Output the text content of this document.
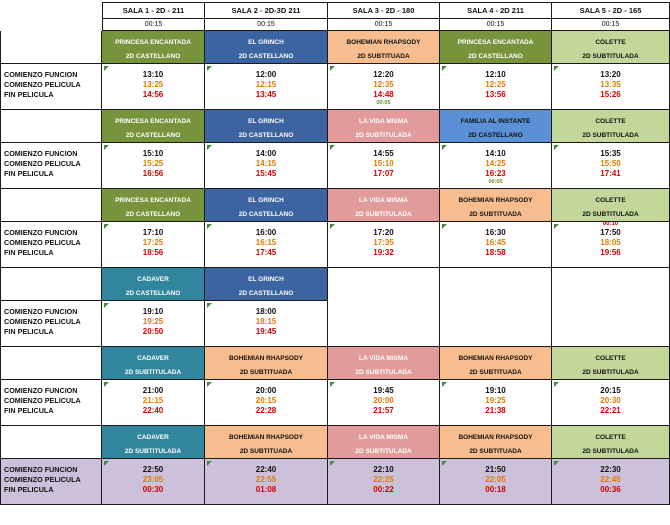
SALA 1 - 2D - 211
00:15
SALA 2 - 2D-3D 211
00:15
SALA 3 - 2D - 180
00:15
SALA 4 - 2D 211
00:15
SALA 5 - 2D - 165
00:15
COMIENZO FUNCION
COMIENZO PELICULA
FIN PELICULA
PRINCESA ENCANTADA
2D CASTELLANO
13:10
13:25
14:56
EL GRINCH
2D CASTELLANO
12:00
12:15
13:45
BOHEMIAN RHAPSODY
2D SUBTITUADA
12:20
12:35
14:48
00:05
PRINCESA ENCANTADA
2D CASTELLANO
12:10
12:25
13:56
COLETTE
2D SUBTITULADA
13:20
13:35
15:26
COMIENZO FUNCION
COMIENZO PELICULA
FIN PELICULA
PRINCESA ENCANTADA
2D CASTELLANO
15:10
15:25
16:56
EL GRINCH
2D CASTELLANO
14:00
14:15
15:45
LA VIDA MISMA
2D SUBTITULADA
14:55
15:10
17:07
FAMILIA AL INSTANTE
2D CASTELLANO
14:10
14:25
16:23
00:05
COLETTE
2D SUBTITULADA
15:35
15:50
17:41
COMIENZO FUNCION
COMIENZO PELICULA
FIN PELICULA
PRINCESA ENCANTADA
2D CASTELLANO
17:10
17:25
18:56
EL GRINCH
2D CASTELLANO
16:00
16:15
17:45
LA VIDA MISMA
2D SUBTITULADA
17:20
17:35
19:32
BOHEMIAN RHAPSODY
2D SUBTITUADA
16:30
16:45
18:58
COLETTE
2D SUBTITULADA
00:10
17:50
18:05
19:56
COMIENZO FUNCION
COMIENZO PELICULA
FIN PELICULA
CADAVER
2D CASTELLANO
19:10
19:25
20:50
EL GRINCH
2D CASTELLANO
18:00
18:15
19:45
COMIENZO FUNCION
COMIENZO PELICULA
FIN PELICULA
CADAVER
2D SUBTITULADA
21:00
21:15
22:40
BOHEMIAN RHAPSODY
2D SUBTITUADA
20:00
20:15
22:28
LA VIDA MISMA
2D SUBTITULADA
19:45
20:00
21:57
BOHEMIAN RHAPSODY
2D SUBTITUADA
19:10
19:25
21:38
COLETTE
2D SUBTITULADA
20:15
20:30
22:21
COMIENZO FUNCION
COMIENZO PELICULA
FIN PELICULA
CADAVER
2D SUBTITULADA
22:50
23:05
00:30
BOHEMIAN RHAPSODY
2D SUBTITUADA
22:40
22:55
01:08
LA VIDA MISMA
2D SUBTITULADA
22:10
22:25
00:22
BOHEMIAN RHAPSODY
2D SUBTITUADA
21:50
22:05
00:18
COLETTE
2D SUBTITULADA
22:30
22:45
00:36
